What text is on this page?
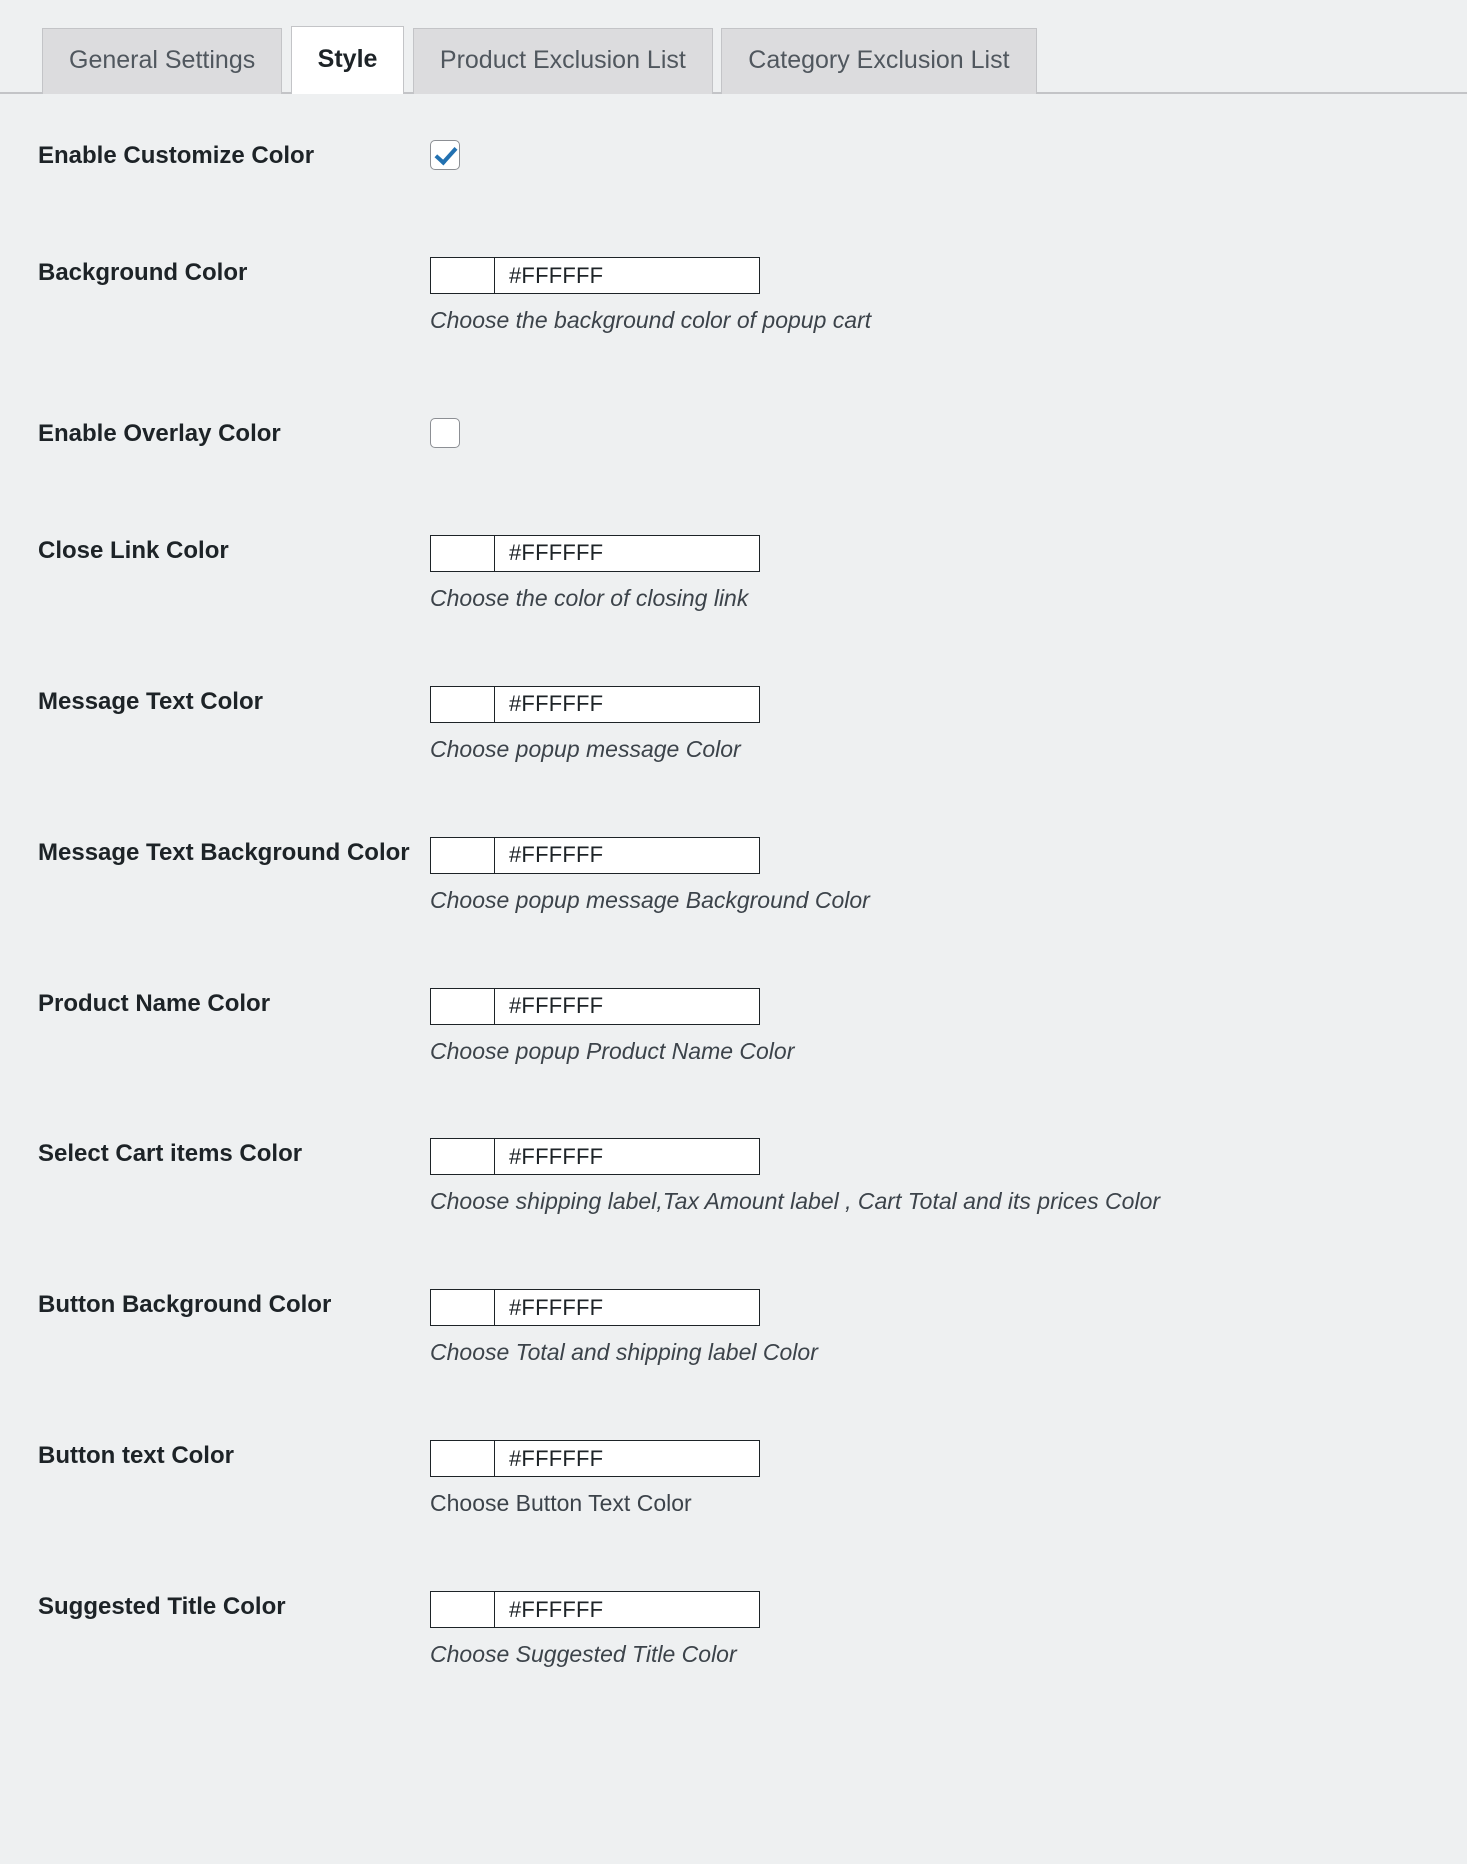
General Settings Style Product Exclusion List Category Exclusion List
Enable Customize Color	
Background Color	#FFFFFF
Choose the background color of popup cart

Enable Overlay Color	
Close Link Color	#FFFFFF
Choose the color of closing link

Message Text Color	#FFFFFF
Choose popup message Color

Message Text Background Color	#FFFFFF
Choose popup message Background Color

Product Name Color	#FFFFFF
Choose popup Product Name Color

Select Cart items Color	#FFFFFF
Choose shipping label,Tax Amount label , Cart Total and its prices Color

Button Background Color	#FFFFFF
Choose Total and shipping label Color

Button text Color	#FFFFFF
Choose Button Text Color

Suggested Title Color	#FFFFFF
Choose Suggested Title Color
